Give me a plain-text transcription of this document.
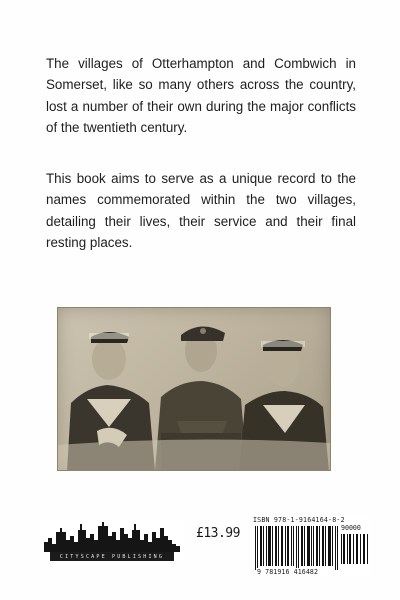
The villages of Otterhampton and Combwich in Somerset, like so many others across the country, lost a number of their own during the major conflicts of the twentieth century.

This book aims to serve as a unique record to the names commemorated within the two villages, detailing their lives, their service and their final resting places.

CITYSCAPE PUBLISHING
£13.99
ISBN 978-1-9164164-8-2
90000
9 781916 416482
